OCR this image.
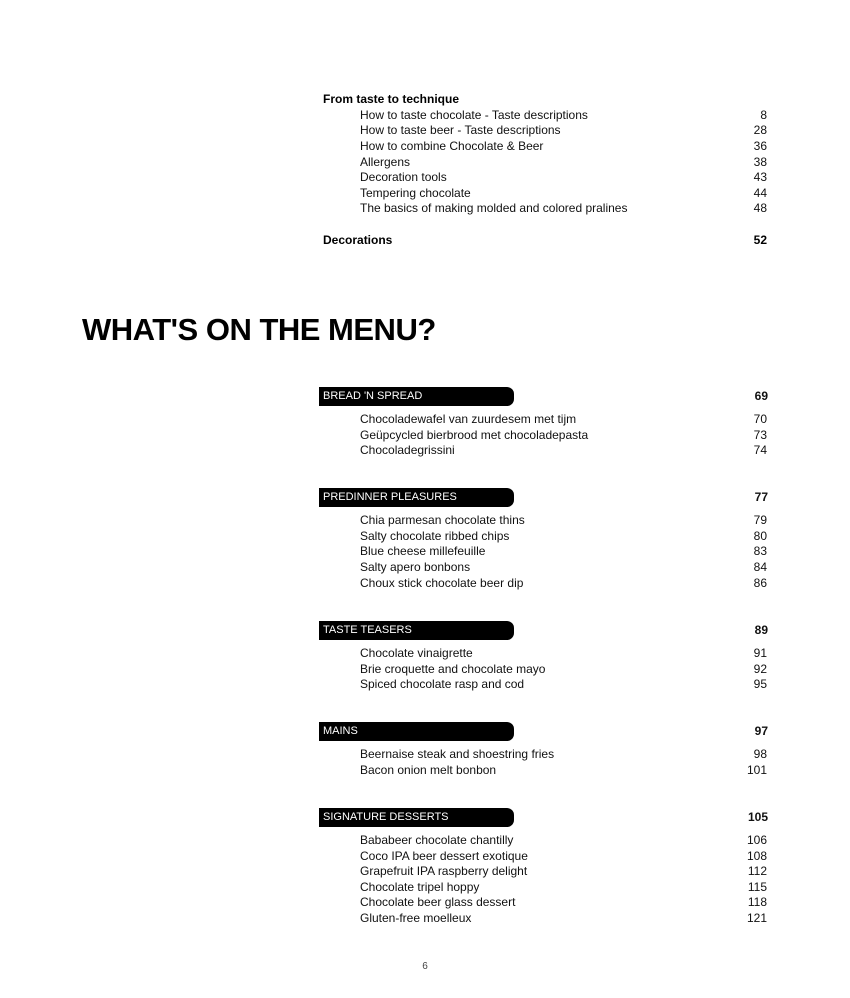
From taste to technique
How to taste chocolate - Taste descriptions	8
How to taste beer - Taste descriptions	28
How to combine Chocolate & Beer	36
Allergens	38
Decoration tools	43
Tempering chocolate	44
The basics of making molded and colored pralines	48
Decorations	52
WHAT'S ON THE MENU?
BREAD 'N SPREAD	69
Chocoladewafel van zuurdesem met tijm	70
Geüpcycled bierbrood met chocoladepasta	73
Chocoladegrissini	74
PREDINNER PLEASURES	77
Chia parmesan chocolate thins	79
Salty chocolate ribbed chips	80
Blue cheese millefeuille	83
Salty apero bonbons	84
Choux stick chocolate beer dip	86
TASTE TEASERS	89
Chocolate vinaigrette	91
Brie croquette and chocolate mayo	92
Spiced chocolate rasp and cod	95
MAINS	97
Beernaise steak and shoestring fries	98
Bacon onion melt bonbon	101
SIGNATURE DESSERTS	105
Bababeer chocolate chantilly	106
Coco IPA beer dessert exotique	108
Grapefruit IPA raspberry delight	112
Chocolate tripel hoppy	115
Chocolate beer glass dessert	118
Gluten-free moelleux	121
6
